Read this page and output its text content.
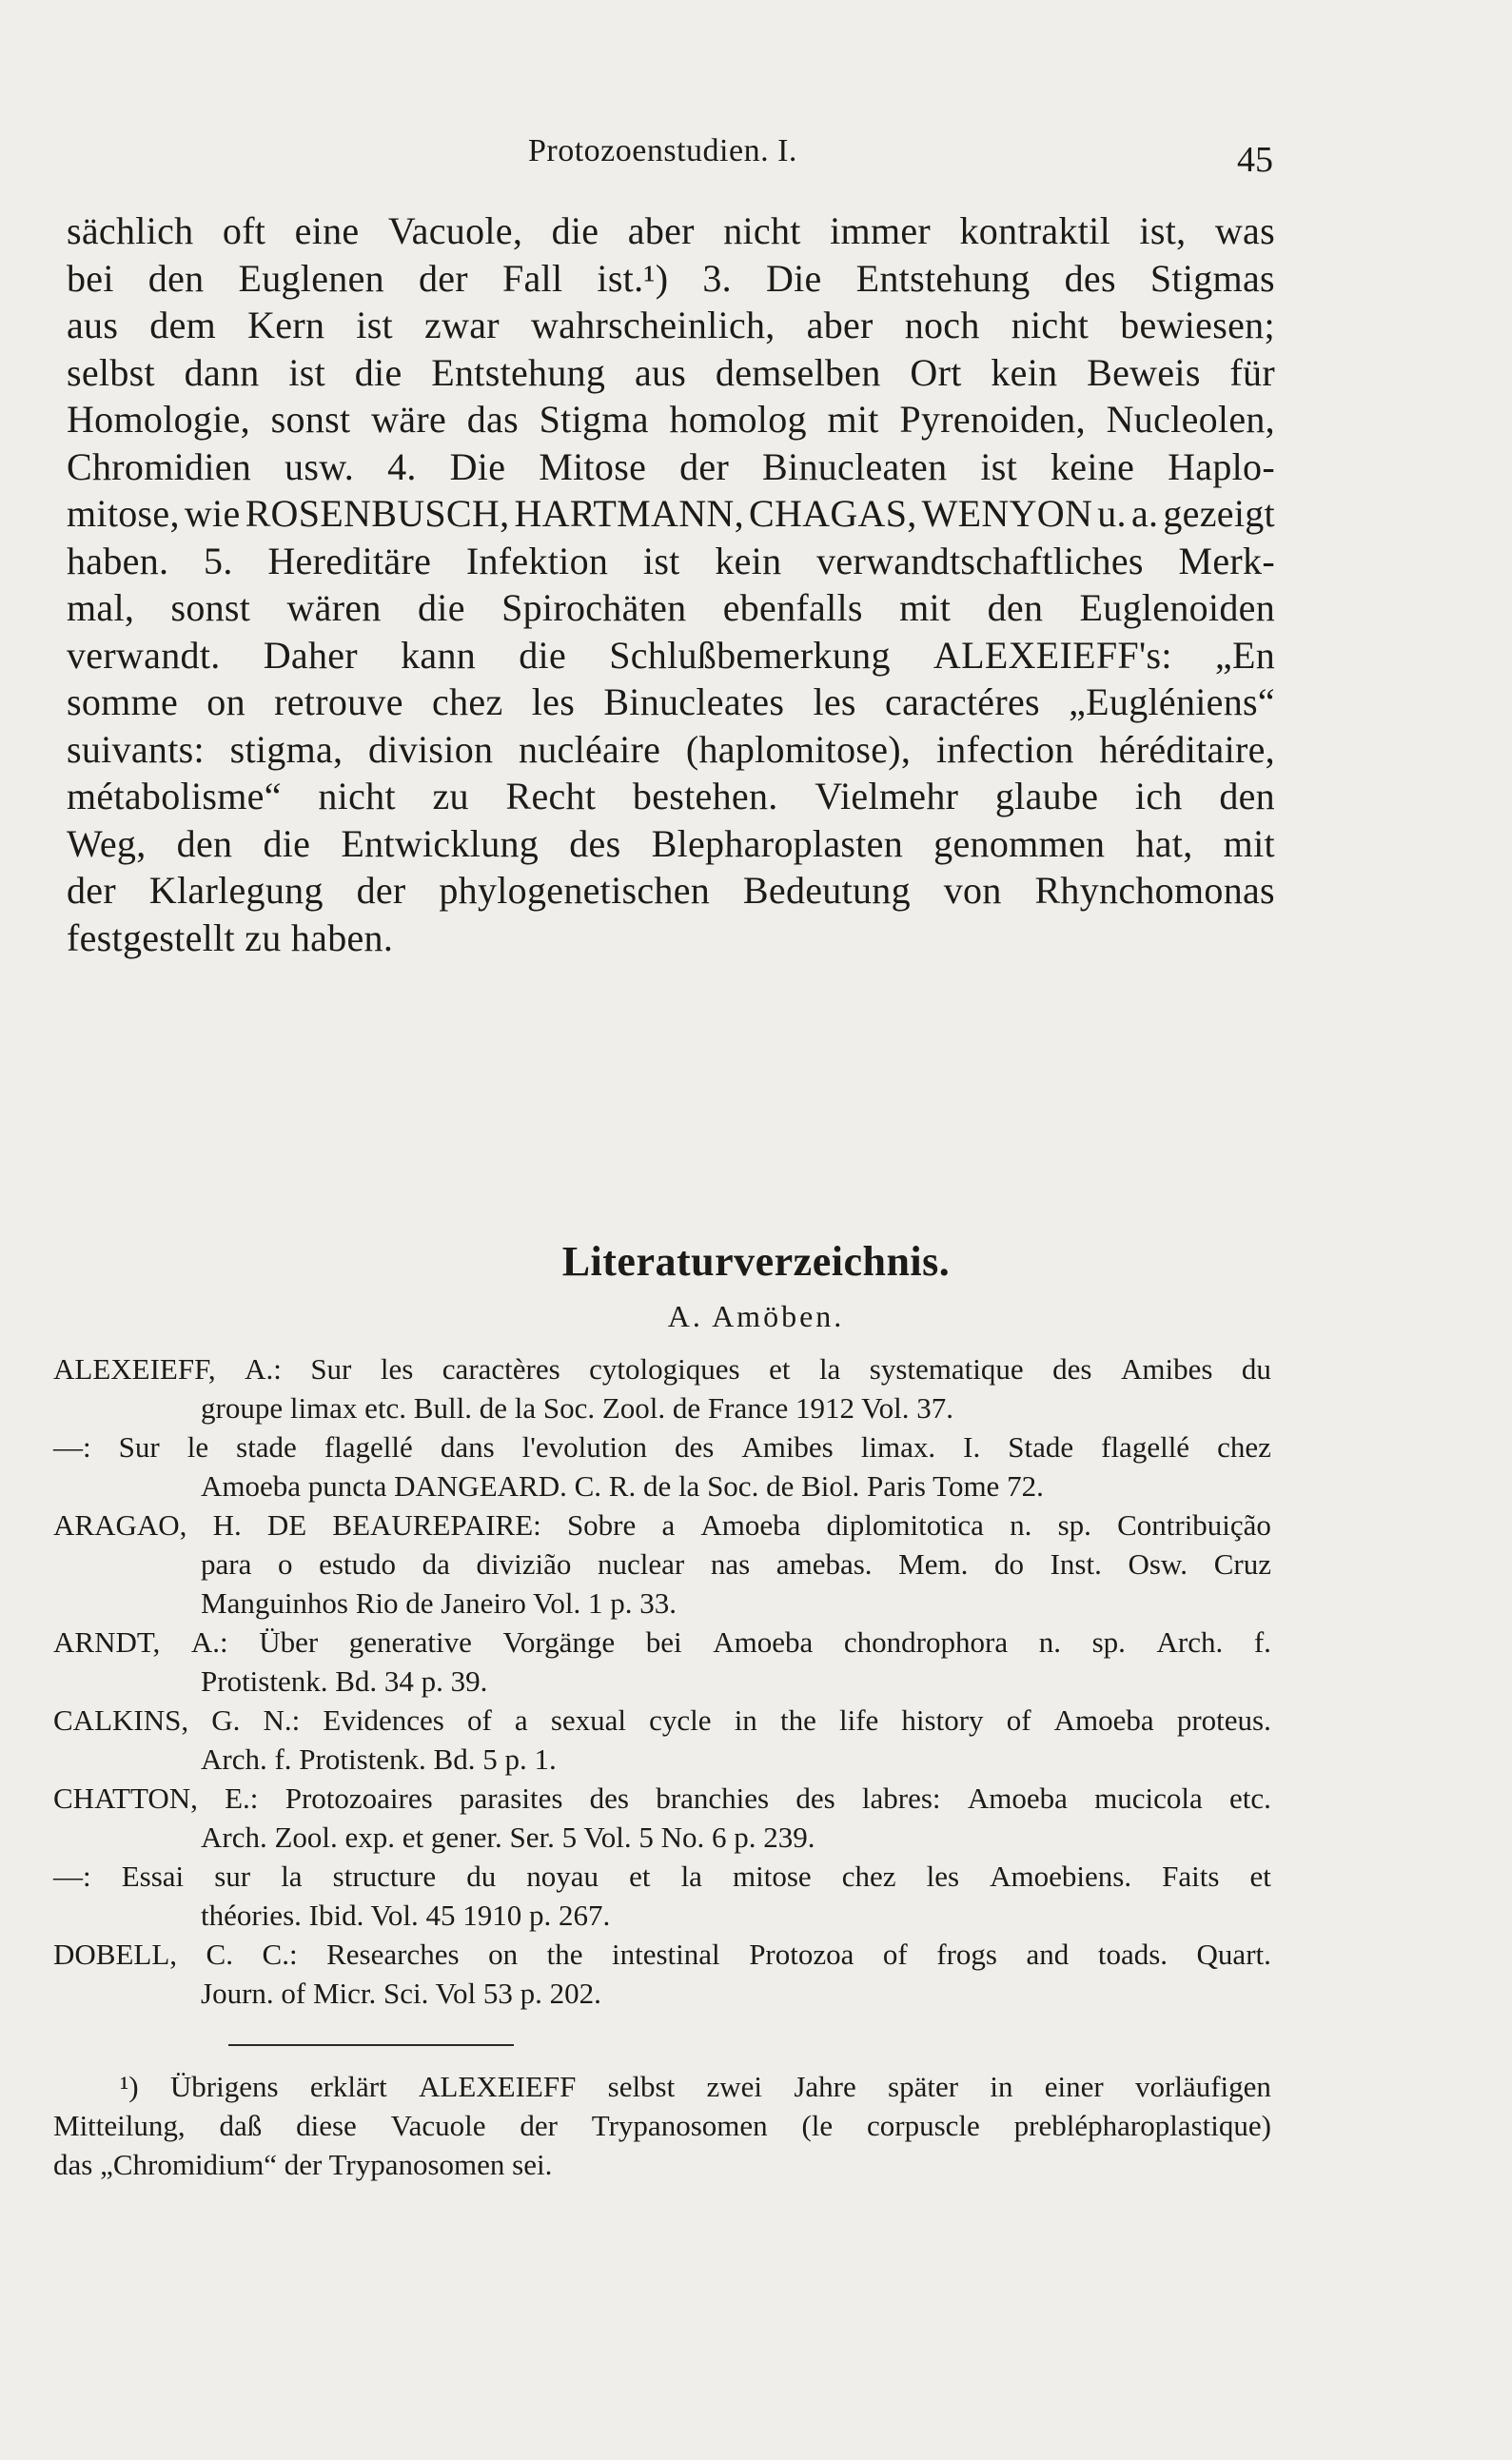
Protozoenstudien. I.	45
sächlich oft eine Vacuole, die aber nicht immer kontraktil ist, was
bei den Euglenen der Fall ist.¹) 3. Die Entstehung des Stigmas
aus dem Kern ist zwar wahrscheinlich, aber noch nicht bewiesen;
selbst dann ist die Entstehung aus demselben Ort kein Beweis für
Homologie, sonst wäre das Stigma homolog mit Pyrenoiden, Nucleolen,
Chromidien usw. 4. Die Mitose der Binucleaten ist keine Haplo-
mitose, wie ROSENBUSCH, HARTMANN, CHAGAS, WENYON u. a. gezeigt
haben. 5. Hereditäre Infektion ist kein verwandtschaftliches Merk-
mal, sonst wären die Spirochäten ebenfalls mit den Euglenoiden
verwandt. Daher kann die Schlußbemerkung ALEXEIEFF's: „En
somme on retrouve chez les Binucleates les caractéres „Eugléniens“
suivants: stigma, division nucléaire (haplomitose), infection héréditaire,
métabolisme“ nicht zu Recht bestehen. Vielmehr glaube ich den
Weg, den die Entwicklung des Blepharoplasten genommen hat, mit
der Klarlegung der phylogenetischen Bedeutung von Rhynchomonas
festgestellt zu haben.
Literaturverzeichnis.
A. Amöben.
ALEXEIEFF, A.: Sur les caractères cytologiques et la systematique des Amibes du
groupe limax etc. Bull. de la Soc. Zool. de France 1912 Vol. 37.
—: Sur le stade flagellé dans l'evolution des Amibes limax. I. Stade flagellé chez
Amoeba puncta DANGEARD. C. R. de la Soc. de Biol. Paris Tome 72.
ARAGAO, H. DE BEAUREPAIRE: Sobre a Amoeba diplomitotica n. sp. Contribuição
para o estudo da divizião nuclear nas amebas. Mem. do Inst. Osw. Cruz
Manguinhos Rio de Janeiro Vol. 1 p. 33.
ARNDT, A.: Über generative Vorgänge bei Amoeba chondrophora n. sp. Arch. f.
Protistenk. Bd. 34 p. 39.
CALKINS, G. N.: Evidences of a sexual cycle in the life history of Amoeba proteus.
Arch. f. Protistenk. Bd. 5 p. 1.
CHATTON, E.: Protozoaires parasites des branchies des labres: Amoeba mucicola etc.
Arch. Zool. exp. et gener. Ser. 5 Vol. 5 No. 6 p. 239.
—: Essai sur la structure du noyau et la mitose chez les Amoebiens. Faits et
théories. Ibid. Vol. 45 1910 p. 267.
DOBELL, C. C.: Researches on the intestinal Protozoa of frogs and toads. Quart.
Journ. of Micr. Sci. Vol 53 p. 202.
¹) Übrigens erklärt ALEXEIEFF selbst zwei Jahre später in einer vorläufigen
Mitteilung, daß diese Vacuole der Trypanosomen (le corpuscle preblépharoplastique)
das „Chromidium“ der Trypanosomen sei.
